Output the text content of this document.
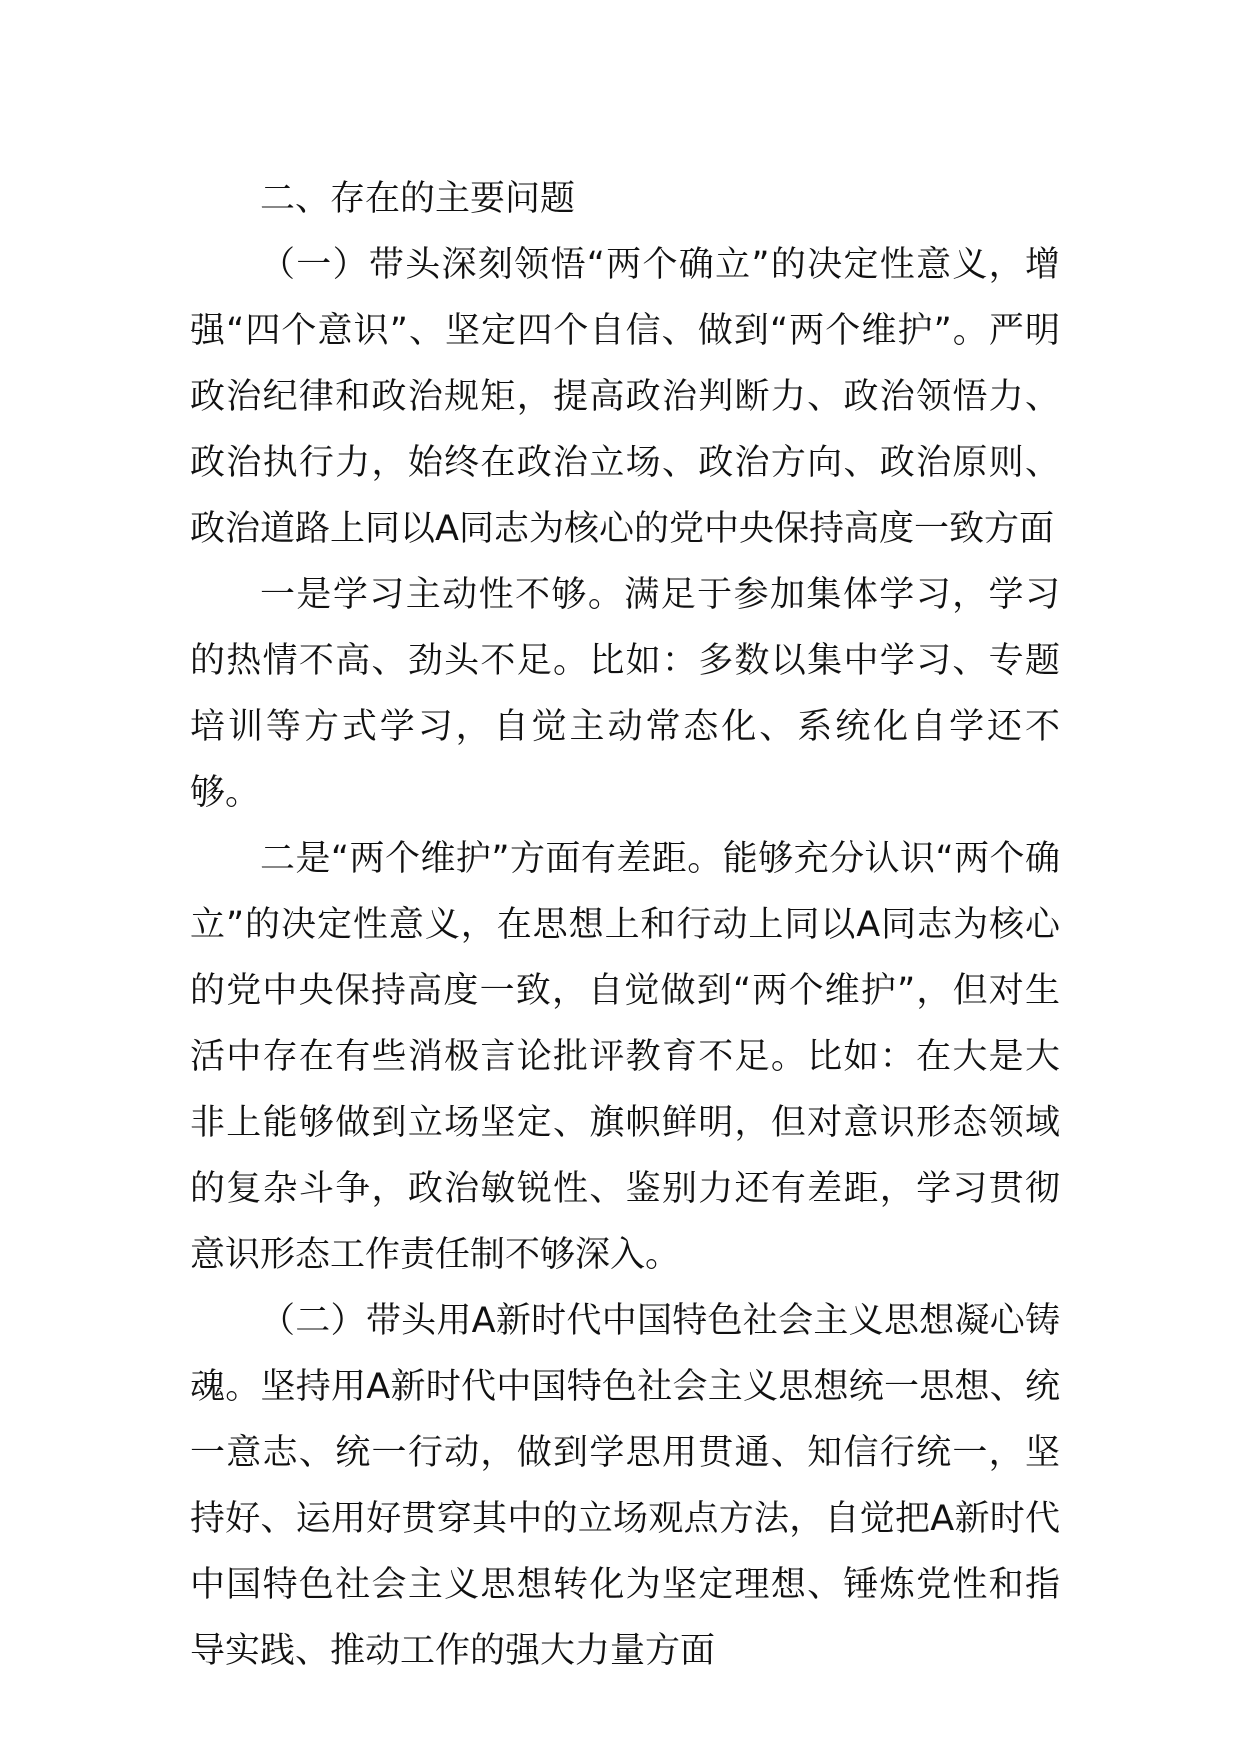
二、存在的主要问题

（一）带头深刻领悟“两个确立”的决定性意义，增强“四个意识”、坚定四个自信、做到“两个维护”。严明政治纪律和政治规矩，提高政治判断力、政治领悟力、政治执行力，始终在政治立场、政治方向、政治原则、政治道路上同以A同志为核心的党中央保持高度一致方面

一是学习主动性不够。满足于参加集体学习，学习的热情不高、劲头不足。比如：多数以集中学习、专题培训等方式学习，自觉主动常态化、系统化自学还不够。

二是“两个维护”方面有差距。能够充分认识“两个确立”的决定性意义，在思想上和行动上同以A同志为核心的党中央保持高度一致，自觉做到“两个维护”，但对生活中存在有些消极言论批评教育不足。比如：在大是大非上能够做到立场坚定、旗帜鲜明，但对意识形态领域的复杂斗争，政治敏锐性、鉴别力还有差距，学习贯彻意识形态工作责任制不够深入。

（二）带头用A新时代中国特色社会主义思想凝心铸魂。坚持用A新时代中国特色社会主义思想统一思想、统一意志、统一行动，做到学思用贯通、知信行统一，坚持好、运用好贯穿其中的立场观点方法，自觉把A新时代中国特色社会主义思想转化为坚定理想、锤炼党性和指导实践、推动工作的强大力量方面
